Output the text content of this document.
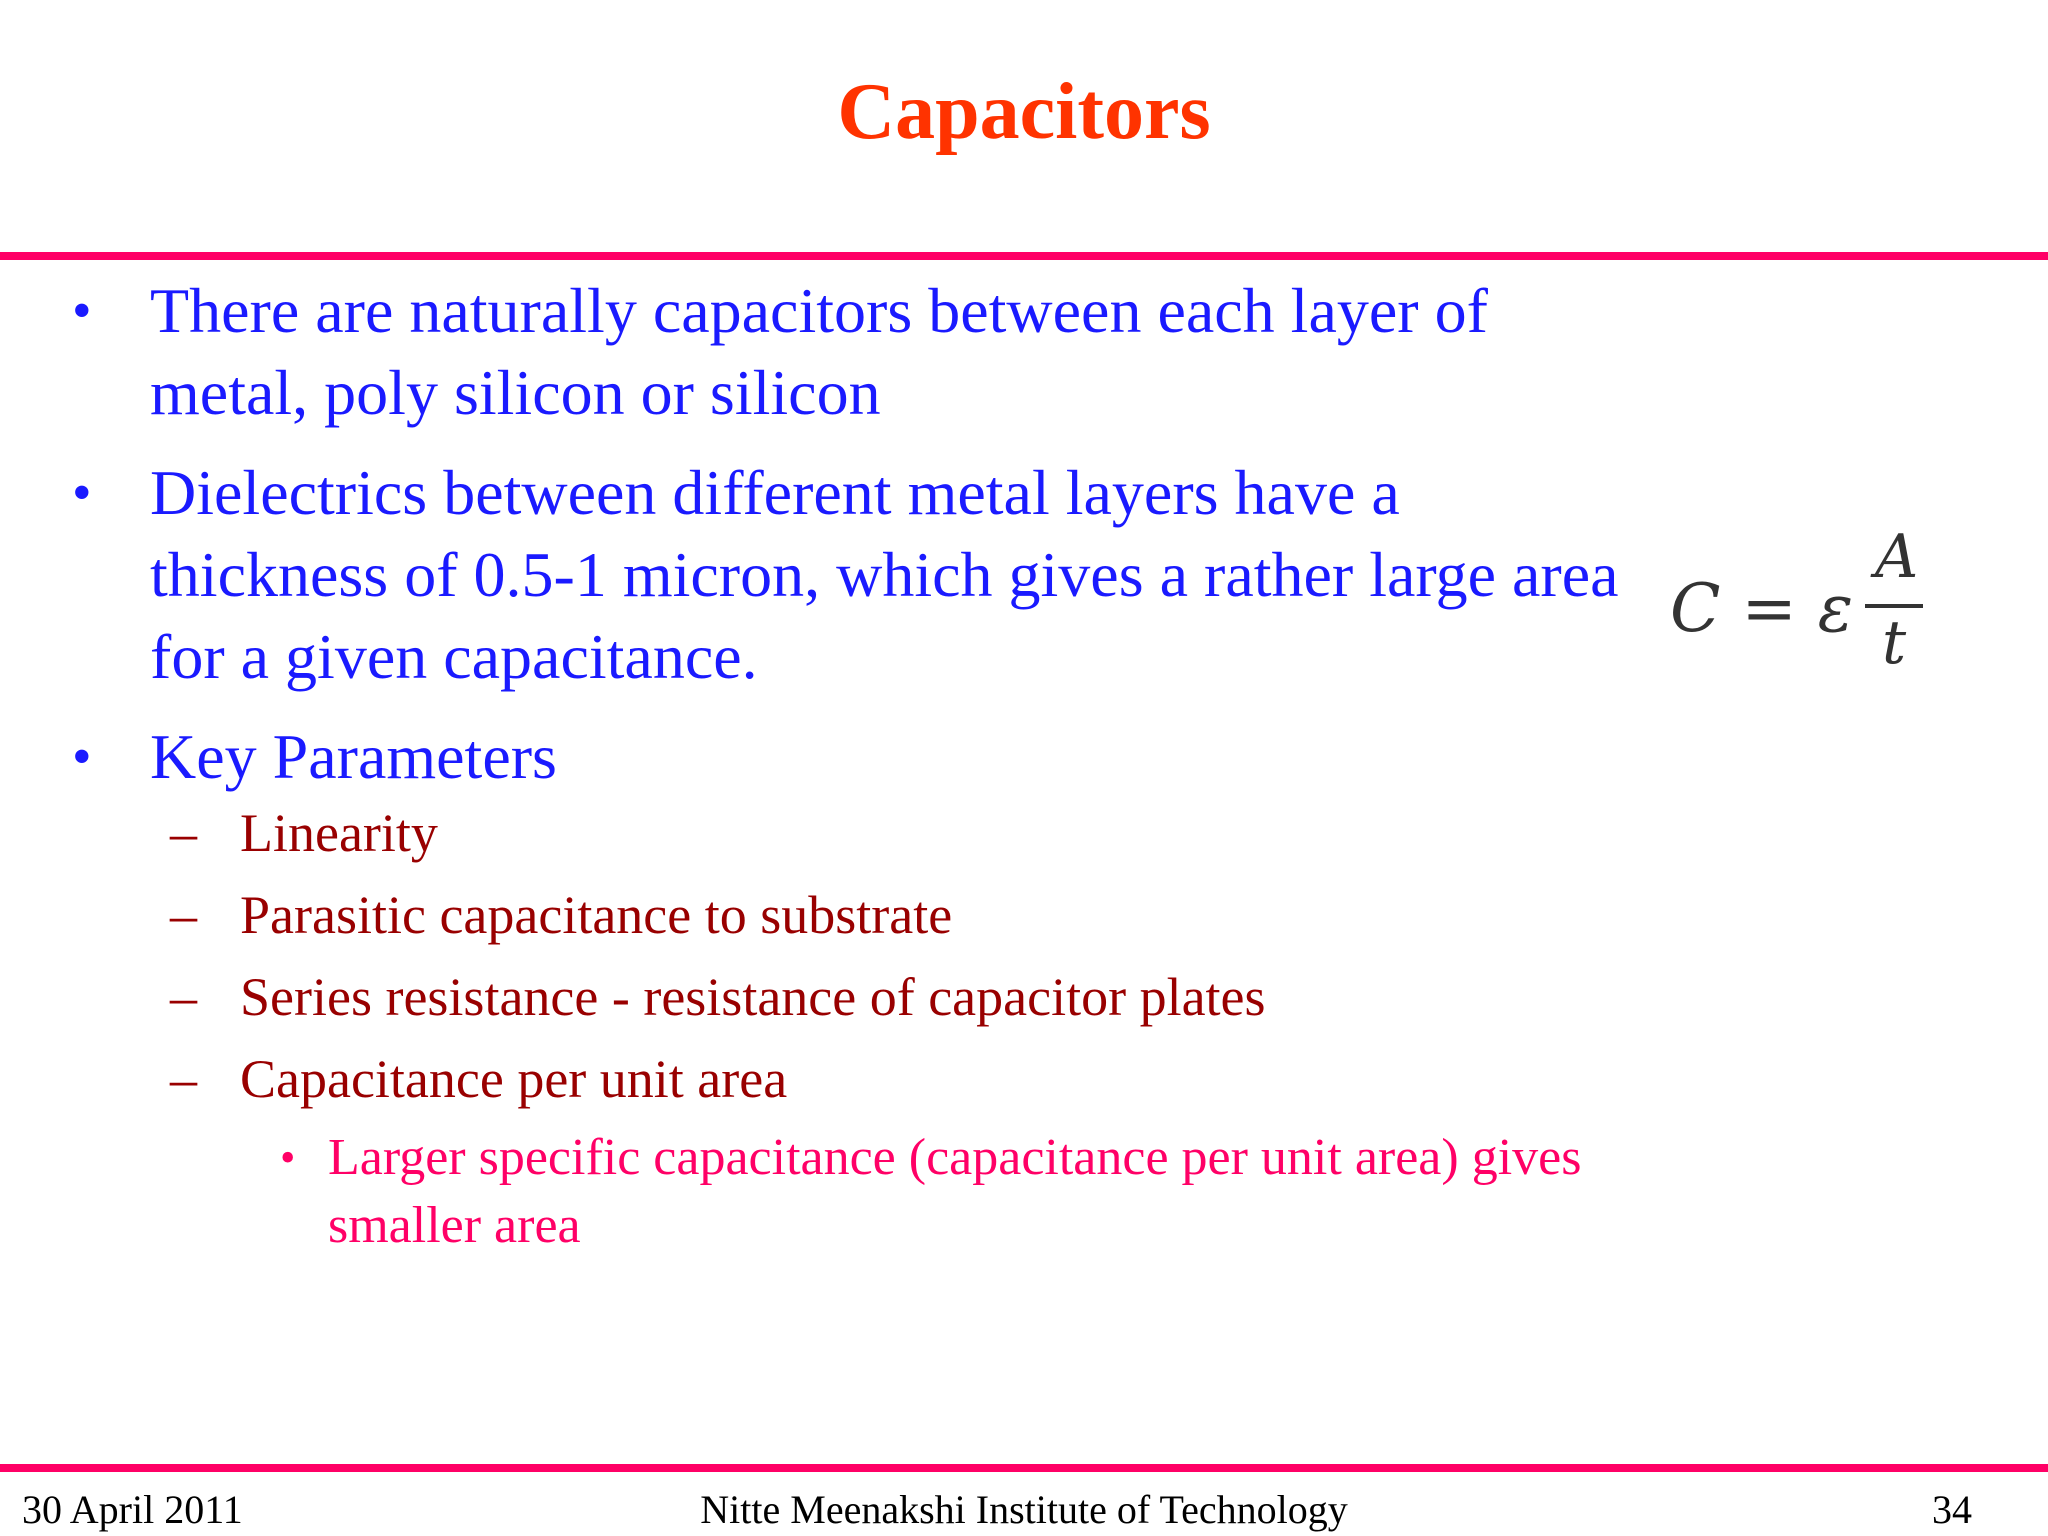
Capacitors
• There are naturally capacitors between each layer of metal, poly silicon or silicon
• Dielectrics between different metal layers have a thickness of 0.5-1 micron, which gives a rather large area for a given capacitance.
• Key Parameters
– Linearity
– Parasitic capacitance to substrate
– Series resistance - resistance of capacitor plates
– Capacitance per unit area
• Larger specific capacitance (capacitance per unit area) gives smaller area
C = ε
A
t
30 April 2011	Nitte Meenakshi Institute of Technology	34
